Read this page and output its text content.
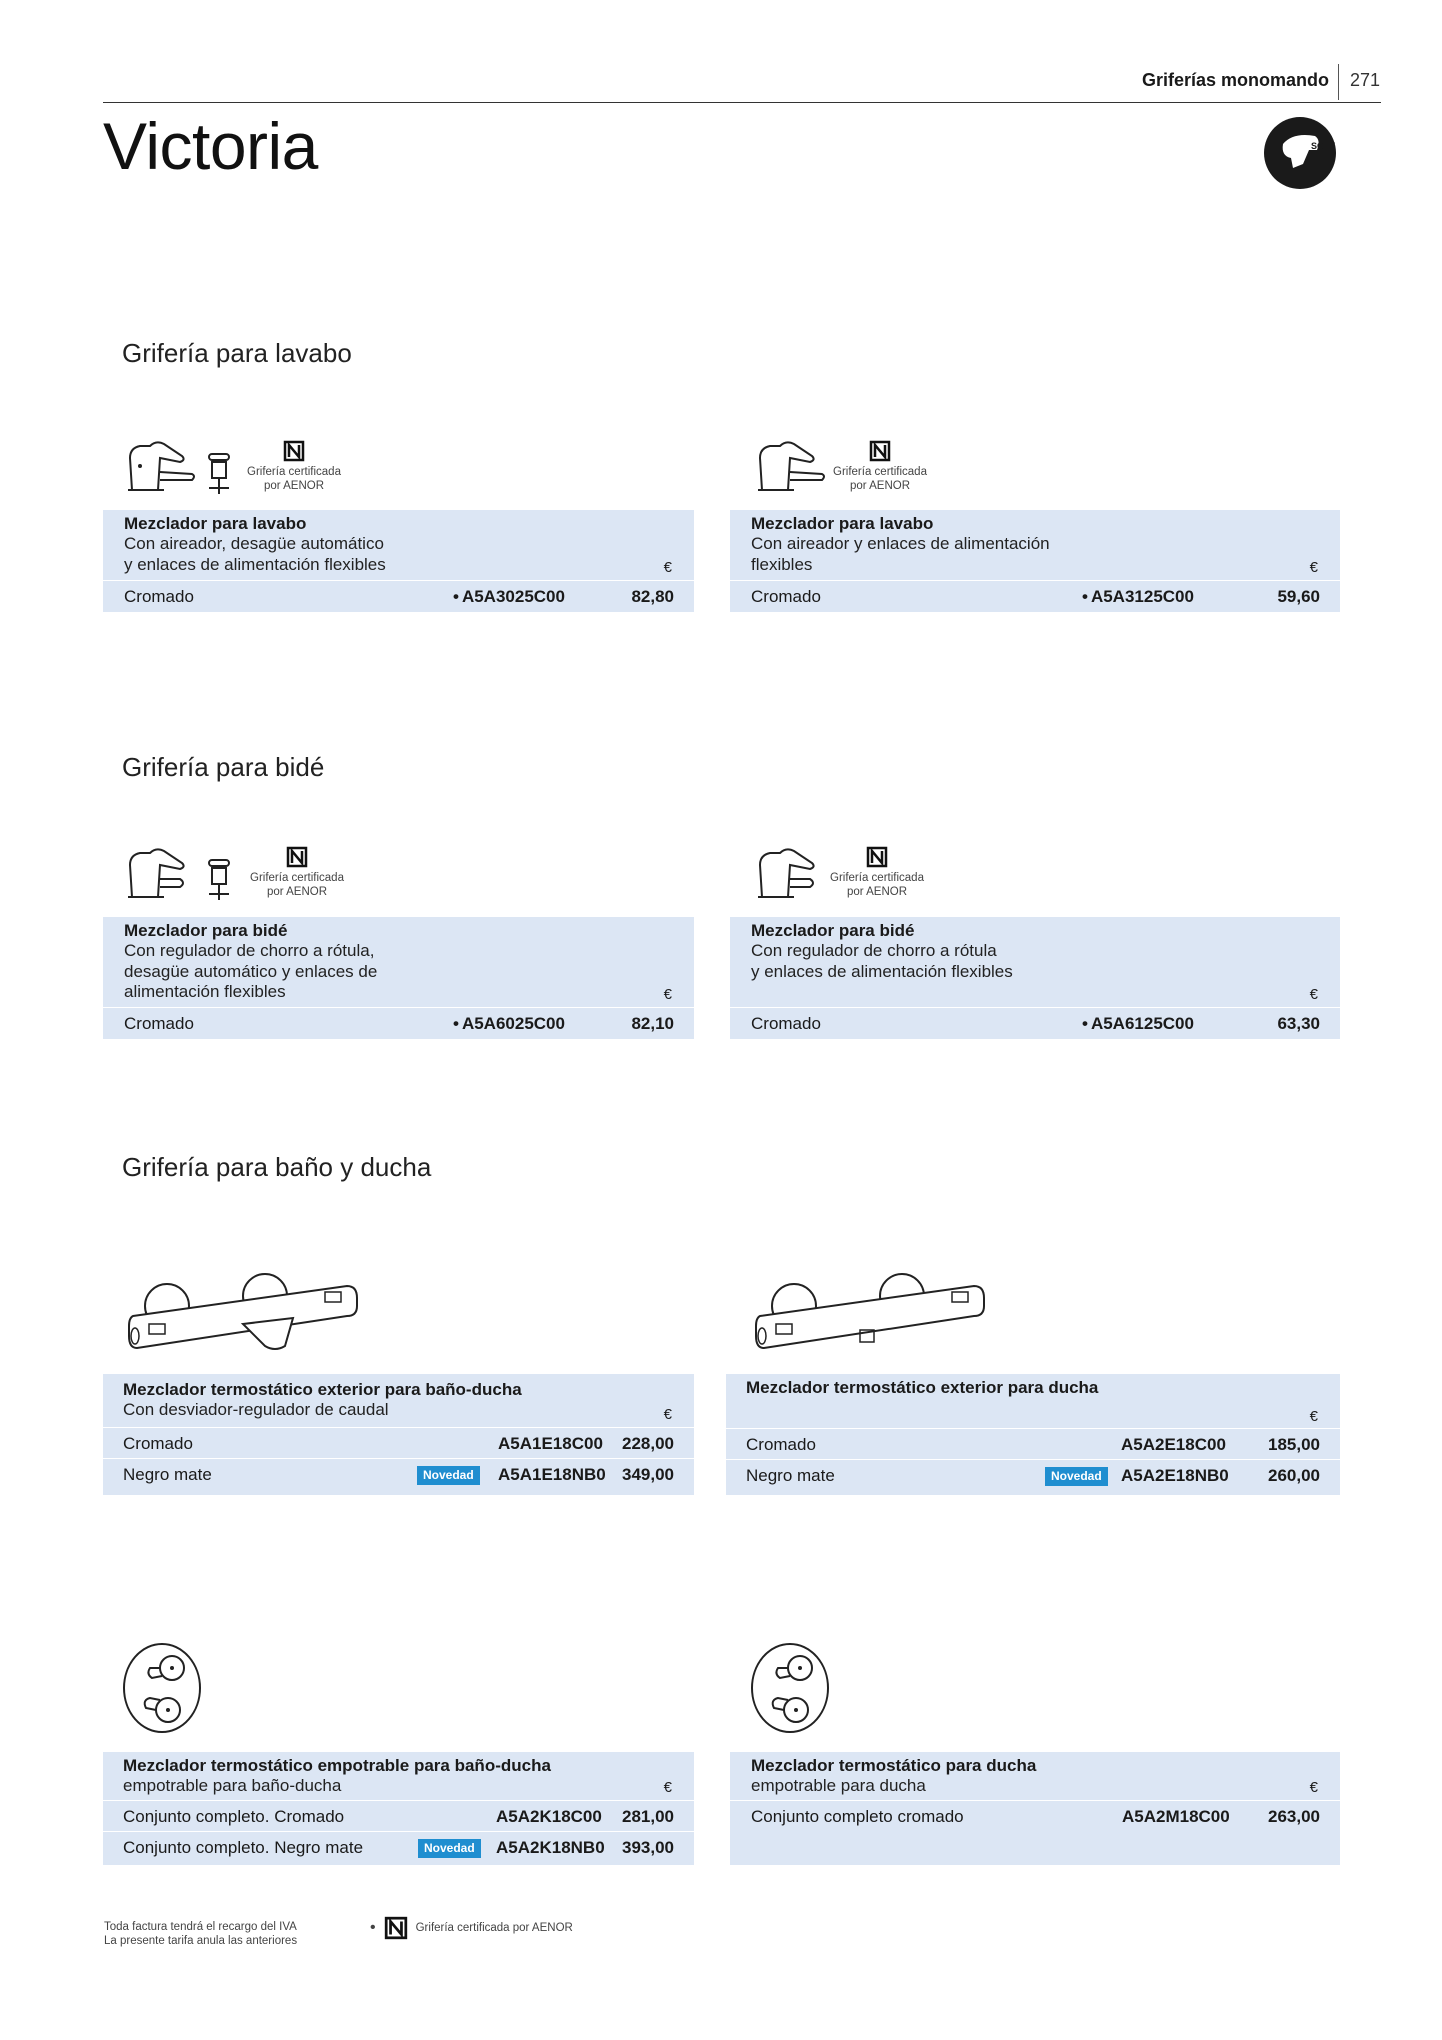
Griferías monomando 271
Victoria	SOFT
Grifería para lavabo
Grifería certificada
por AENOR
Grifería certificada
por AENOR
Mezclador para lavabo
Con aireador, desagüe automático
y enlaces de alimentación flexibles	€
Cromado	• A5A3025C00	82,80
Mezclador para lavabo
Con aireador y enlaces de alimentación
flexibles	€
Cromado	• A5A3125C00	59,60
Grifería para bidé
Grifería certificada
por AENOR
Grifería certificada
por AENOR
Mezclador para bidé
Con regulador de chorro a rótula,
desagüe automático y enlaces de
alimentación flexibles	€
Cromado	• A5A6025C00	82,10
Mezclador para bidé
Con regulador de chorro a rótula
y enlaces de alimentación flexibles
€
Cromado	• A5A6125C00	63,30
Grifería para baño y ducha
Mezclador termostático exterior para baño-ducha
Con desviador-regulador de caudal	€
Cromado	A5A1E18C00 228,00
Negro mate	Novedad	A5A1E18NB0 349,00
Mezclador termostático exterior para ducha
€
Cromado	A5A2E18C00 185,00
Negro mate	Novedad	A5A2E18NB0 260,00
Mezclador termostático empotrable para baño-ducha
empotrable para baño-ducha	€
Conjunto completo. Cromado	A5A2K18C00 281,00
Conjunto completo. Negro mate	Novedad	A5A2K18NB0 393,00
Mezclador termostático para ducha
empotrable para ducha	€
Conjunto completo cromado	A5A2M18C00 263,00
Toda factura tendrá el recargo del IVA
La presente tarifa anula las anteriores
•	Grifería certificada por AENOR
